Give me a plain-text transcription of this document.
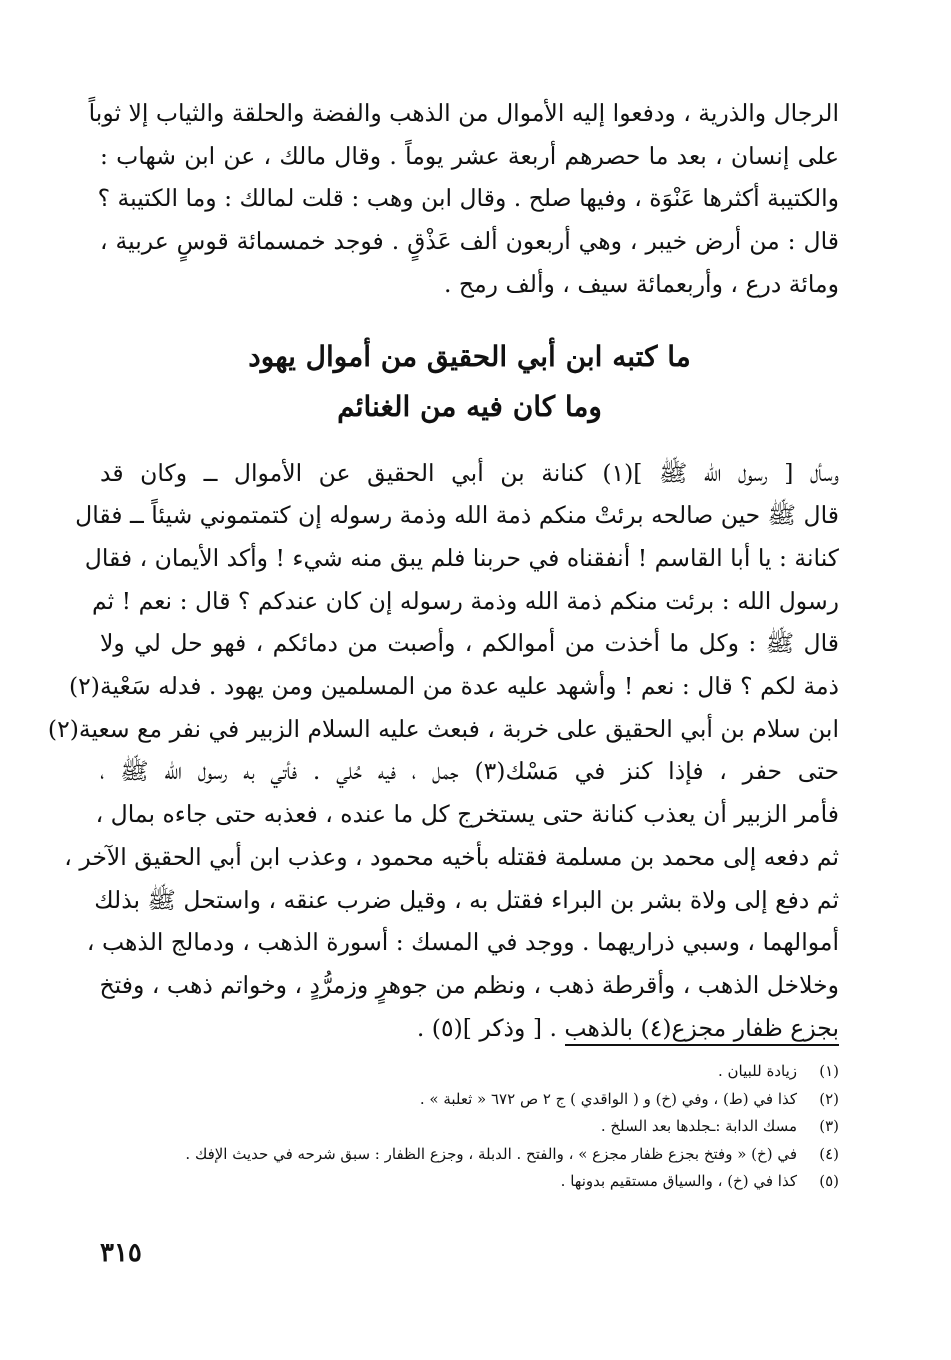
الرجال والذرية ، ودفعوا إليه الأموال من الذهب والفضة والحلقة والثياب إلا ثوباً
على إنسان ، بعد ما حصرهم أربعة عشر يوماً . وقال مالك ، عن ابن شهاب :
والكتيبة أكثرها عَنْوَة ، وفيها صلح . وقال ابن وهب : قلت لمالك : وما الكتيبة ؟
قال : من أرض خيبر ، وهي أربعون ألف عَذْقٍ . فوجد خمسمائة قوسٍ عربية ،
ومائة درع ، وأربعمائة سيف ، وألف رمح .

ما كتبه ابن أبي الحقيق من أموال يهود
وما كان فيه من الغنائم

وسأل [ رسول الله ﷺ ](١) كنانة بن أبي الحقيق عن الأموال ــ وكان قد
قال ﷺ حين صالحه برئتْ منكم ذمة الله وذمة رسوله إن كتمتموني شيئاً ــ فقال
كنانة : يا أبا القاسم ! أنفقناه في حربنا فلم يبق منه شيء ! وأكد الأيمان ، فقال
رسول الله : برئت منكم ذمة الله وذمة رسوله إن كان عندكم ؟ قال : نعم ! ثم
قال ﷺ : وكل ما أخذت من أموالكم ، وأصبت من دمائكم ، فهو حل لي ولا
ذمة لكم ؟ قال : نعم ! وأشهد عليه عدة من المسلمين ومن يهود . فدله سَعْية(٢)
ابن سلام بن أبي الحقيق على خربة ، فبعث عليه السلام الزبير في نفر مع سعية(٢)
حتى حفر ، فإذا كنز في مَسْك(٣) جمل ، فيه حُلي . فأتي به رسول الله ﷺ ،
فأمر الزبير أن يعذب كنانة حتى يستخرج كل ما عنده ، فعذبه حتى جاءه بمال ،
ثم دفعه إلى محمد بن مسلمة فقتله بأخيه محمود ، وعذب ابن أبي الحقيق الآخر ،
ثم دفع إلى ولاة بشر بن البراء فقتل به ، وقيل ضرب عنقه ، واستحل ﷺ بذلك
أموالهما ، وسبي ذراريهما . ووجد في المسك : أسورة الذهب ، ودمالج الذهب ،
وخلاخل الذهب ، وأقرطة ذهب ، ونظم من جوهرٍ وزمرُّدٍ ، وخواتم ذهب ، وفتخ
بجزع ظفار مجزع(٤) بالذهب . [ وذكر ](٥) .

(١)
زيادة للبيان .
(٢)
كذا في (ط) ، وفي (خ) و ( الواقدي ) ج ٢ ص ٦٧٢ « ثعلبة » .
(٣)
مسك الدابة :ـجلدها بعد السلخ .
(٤)
في (خ) « وفتخ بجزع ظفار مجزع » ، والفتح . الدبلة ، وجزع الظفار : سبق شرحه في حديث الإفك .
(٥)
كذا في (خ) ، والسياق مستقيم بدونها .
٣١٥
